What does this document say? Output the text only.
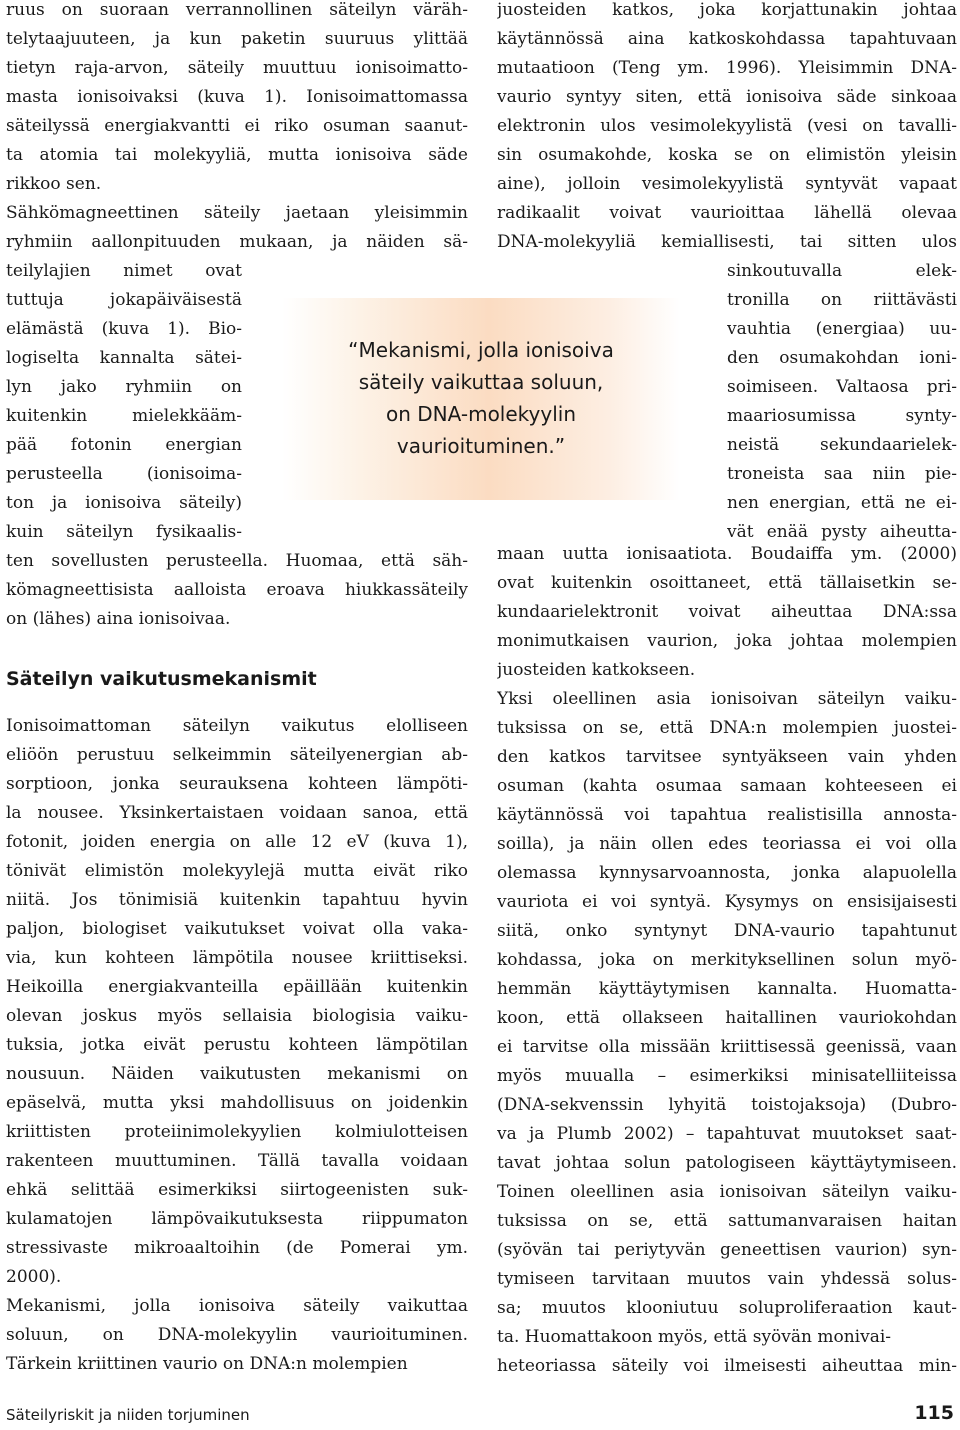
ruus on suoraan verrannollinen säteilyn väräh-
telytaajuuteen, ja kun paketin suuruus ylittää
tietyn raja-arvon, säteily muuttuu ionisoimatto-
masta ionisoivaksi (kuva 1). Ionisoimattomassa
säteilyssä energiakvantti ei riko osuman saanut-
ta atomia tai molekyyliä, mutta ionisoiva säde
rikkoo sen.
Sähkömagneettinen säteily jaetaan yleisimmin
ryhmiin aallonpituuden mukaan, ja näiden sä-
teilylajien nimet ovat
tuttuja jokapäiväisestä
elämästä (kuva 1). Bio-
logiselta kannalta sätei-
lyn jako ryhmiin on
kuitenkin mielekkääm-
pää fotonin energian
perusteella (ionisoima-
ton ja ionisoiva säteily)
kuin säteilyn fysikaalis-
ten sovellusten perusteella. Huomaa, että säh-
kömagneettisista aalloista eroava hiukkassäteily
on (lähes) aina ionisoivaa.
Ionisoimattoman säteilyn vaikutus elolliseen
eliöön perustuu selkeimmin säteilyenergian ab-
sorptioon, jonka seurauksena kohteen lämpöti-
la nousee. Yksinkertaistaen voidaan sanoa, että
fotonit, joiden energia on alle 12 eV (kuva 1),
tönivät elimistön molekyylejä mutta eivät riko
niitä. Jos tönimisiä kuitenkin tapahtuu hyvin
paljon, biologiset vaikutukset voivat olla vaka-
via, kun kohteen lämpötila nousee kriittiseksi.
Heikoilla energiakvanteilla epäillään kuitenkin
olevan joskus myös sellaisia biologisia vaiku-
tuksia, jotka eivät perustu kohteen lämpötilan
nousuun. Näiden vaikutusten mekanismi on
epäselvä, mutta yksi mahdollisuus on joidenkin
kriittisten proteiinimolekyylien kolmiulotteisen
rakenteen muuttuminen. Tällä tavalla voidaan
ehkä selittää esimerkiksi siirtogeenisten suk-
kulamatojen lämpövaikutuksesta riippumaton
stressivaste mikroaaltoihin (de Pomerai ym.
2000).
Mekanismi, jolla ionisoiva säteily vaikuttaa
soluun, on DNA-molekyylin vaurioituminen.
Tärkein kriittinen vaurio on DNA:n molempien
Säteilyn vaikutusmekanismit
juosteiden katkos, joka korjattunakin johtaa
käytännössä aina katkoskohdassa tapahtuvaan
mutaatioon (Teng ym. 1996). Yleisimmin DNA-
vaurio syntyy siten, että ionisoiva säde sinkoaa
elektronin ulos vesimolekyylistä (vesi on tavalli-
sin osumakohde, koska se on elimistön yleisin
aine), jolloin vesimolekyylistä syntyvät vapaat
radikaalit voivat vaurioittaa lähellä olevaa
DNA-molekyyliä kemiallisesti, tai sitten ulos
sinkoutuvalla elek-
tronilla on riittävästi
vauhtia (energiaa) uu-
den osumakohdan ioni-
soimiseen. Valtaosa pri-
maariosumissa synty-
neistä sekundaarielek-
troneista saa niin pie-
nen energian, että ne ei-
vät enää pysty aiheutta-
maan uutta ionisaatiota. Boudaiffa ym. (2000)
ovat kuitenkin osoittaneet, että tällaisetkin se-
kundaarielektronit voivat aiheuttaa DNA:ssa
monimutkaisen vaurion, joka johtaa molempien
juosteiden katkokseen.
Yksi oleellinen asia ionisoivan säteilyn vaiku-
tuksissa on se, että DNA:n molempien juostei-
den katkos tarvitsee syntyäkseen vain yhden
osuman (kahta osumaa samaan kohteeseen ei
käytännössä voi tapahtua realistisilla annosta-
soilla), ja näin ollen edes teoriassa ei voi olla
olemassa kynnysarvoannosta, jonka alapuolella
vauriota ei voi syntyä. Kysymys on ensisijaisesti
siitä, onko syntynyt DNA-vaurio tapahtunut
kohdassa, joka on merkityksellinen solun myö-
hemmän käyttäytymisen kannalta. Huomatta-
koon, että ollakseen haitallinen vauriokohdan
ei tarvitse olla missään kriittisessä geenissä, vaan
myös muualla – esimerkiksi minisatelliiteissa
(DNA-sekvenssin lyhyitä toistojaksoja) (Dubro-
va ja Plumb 2002) – tapahtuvat muutokset saat-
tavat johtaa solun patologiseen käyttäytymiseen.
Toinen oleellinen asia ionisoivan säteilyn vaiku-
tuksissa on se, että sattumanvaraisen haitan
(syövän tai periytyvän geneettisen vaurion) syn-
tymiseen tarvitaan muutos vain yhdessä solus-
sa; muutos klooniutuu soluproliferaation kaut-
ta. Huomattakoon myös, että syövän monivai-
heteoriassa säteily voi ilmeisesti aiheuttaa min-
“Mekanismi, jolla ionisoiva
säteily vaikuttaa soluun,
on DNA-molekyylin
vaurioituminen.”
Säteilyriskit ja niiden torjuminen	115
